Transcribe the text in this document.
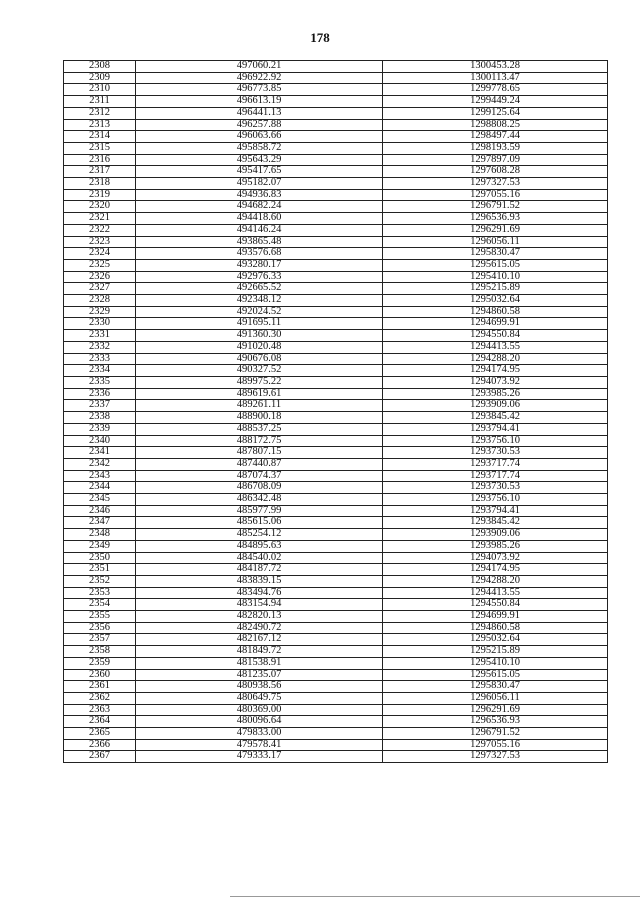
178
2308	497060.21	1300453.28
2309	496922.92	1300113.47
2310	496773.85	1299778.65
2311	496613.19	1299449.24
2312	496441.13	1299125.64
2313	496257.88	1298808.25
2314	496063.66	1298497.44
2315	495858.72	1298193.59
2316	495643.29	1297897.09
2317	495417.65	1297608.28
2318	495182.07	1297327.53
2319	494936.83	1297055.16
2320	494682.24	1296791.52
2321	494418.60	1296536.93
2322	494146.24	1296291.69
2323	493865.48	1296056.11
2324	493576.68	1295830.47
2325	493280.17	1295615.05
2326	492976.33	1295410.10
2327	492665.52	1295215.89
2328	492348.12	1295032.64
2329	492024.52	1294860.58
2330	491695.11	1294699.91
2331	491360.30	1294550.84
2332	491020.48	1294413.55
2333	490676.08	1294288.20
2334	490327.52	1294174.95
2335	489975.22	1294073.92
2336	489619.61	1293985.26
2337	489261.11	1293909.06
2338	488900.18	1293845.42
2339	488537.25	1293794.41
2340	488172.75	1293756.10
2341	487807.15	1293730.53
2342	487440.87	1293717.74
2343	487074.37	1293717.74
2344	486708.09	1293730.53
2345	486342.48	1293756.10
2346	485977.99	1293794.41
2347	485615.06	1293845.42
2348	485254.12	1293909.06
2349	484895.63	1293985.26
2350	484540.02	1294073.92
2351	484187.72	1294174.95
2352	483839.15	1294288.20
2353	483494.76	1294413.55
2354	483154.94	1294550.84
2355	482820.13	1294699.91
2356	482490.72	1294860.58
2357	482167.12	1295032.64
2358	481849.72	1295215.89
2359	481538.91	1295410.10
2360	481235.07	1295615.05
2361	480938.56	1295830.47
2362	480649.75	1296056.11
2363	480369.00	1296291.69
2364	480096.64	1296536.93
2365	479833.00	1296791.52
2366	479578.41	1297055.16
2367	479333.17	1297327.53
